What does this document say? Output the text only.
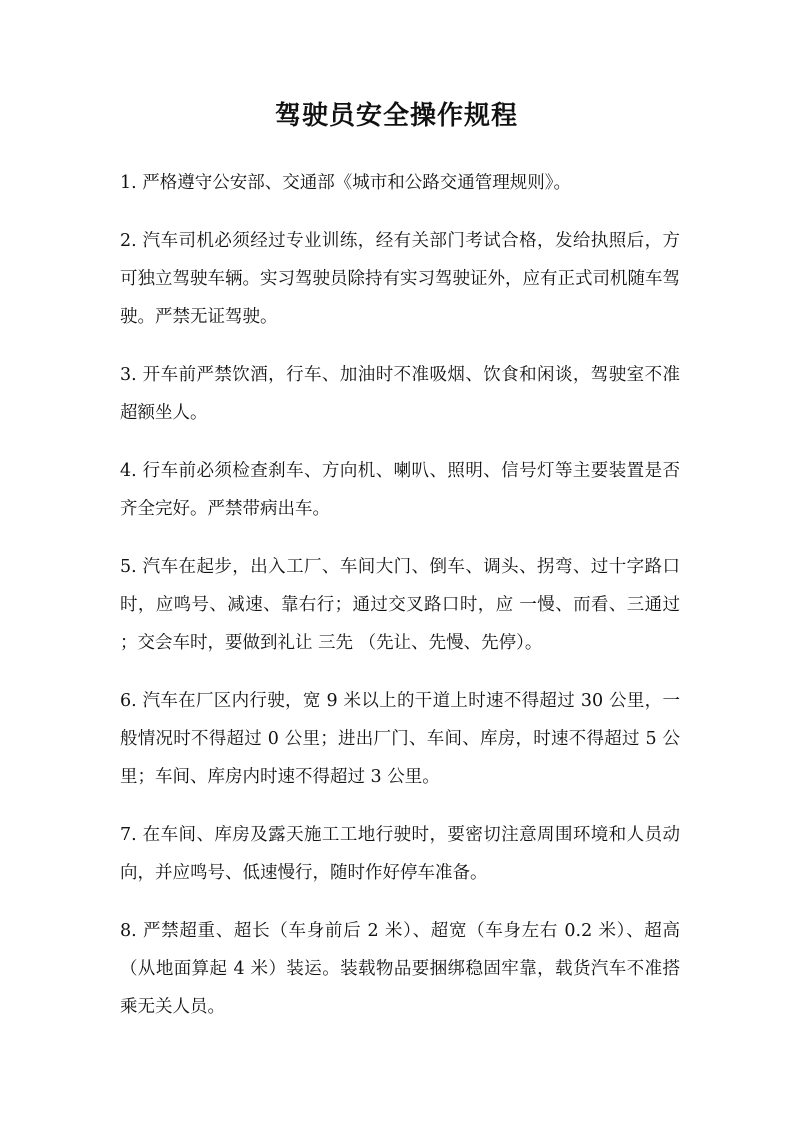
驾驶员安全操作规程

1. 严格遵守公安部、交通部《城市和公路交通管理规则》。

2. 汽车司机必须经过专业训练，经有关部门考试合格，发给执照后，方可独立驾驶车辆。实习驾驶员除持有实习驾驶证外，应有正式司机随车驾驶。严禁无证驾驶。

3. 开车前严禁饮酒，行车、加油时不准吸烟、饮食和闲谈，驾驶室不准超额坐人。

4. 行车前必须检查刹车、方向机、喇叭、照明、信号灯等主要装置是否齐全完好。严禁带病出车。

5. 汽车在起步，出入工厂、车间大门、倒车、调头、拐弯、过十字路口时，应鸣号、减速、靠右行；通过交叉路口时，应 一慢、而看、三通过 ；交会车时，要做到礼让 三先 （先让、先慢、先停）。

6. 汽车在厂区内行驶，宽 9 米以上的干道上时速不得超过 30 公里，一般情况时不得超过 0 公里；进出厂门、车间、库房，时速不得超过 5 公里；车间、库房内时速不得超过 3 公里。

7. 在车间、库房及露天施工工地行驶时，要密切注意周围环境和人员动向，并应鸣号、低速慢行，随时作好停车准备。

8. 严禁超重、超长（车身前后 2 米）、超宽（车身左右 0.2 米）、超高（从地面算起 4 米）装运。装载物品要捆绑稳固牢靠，载货汽车不准搭乘无关人员。
